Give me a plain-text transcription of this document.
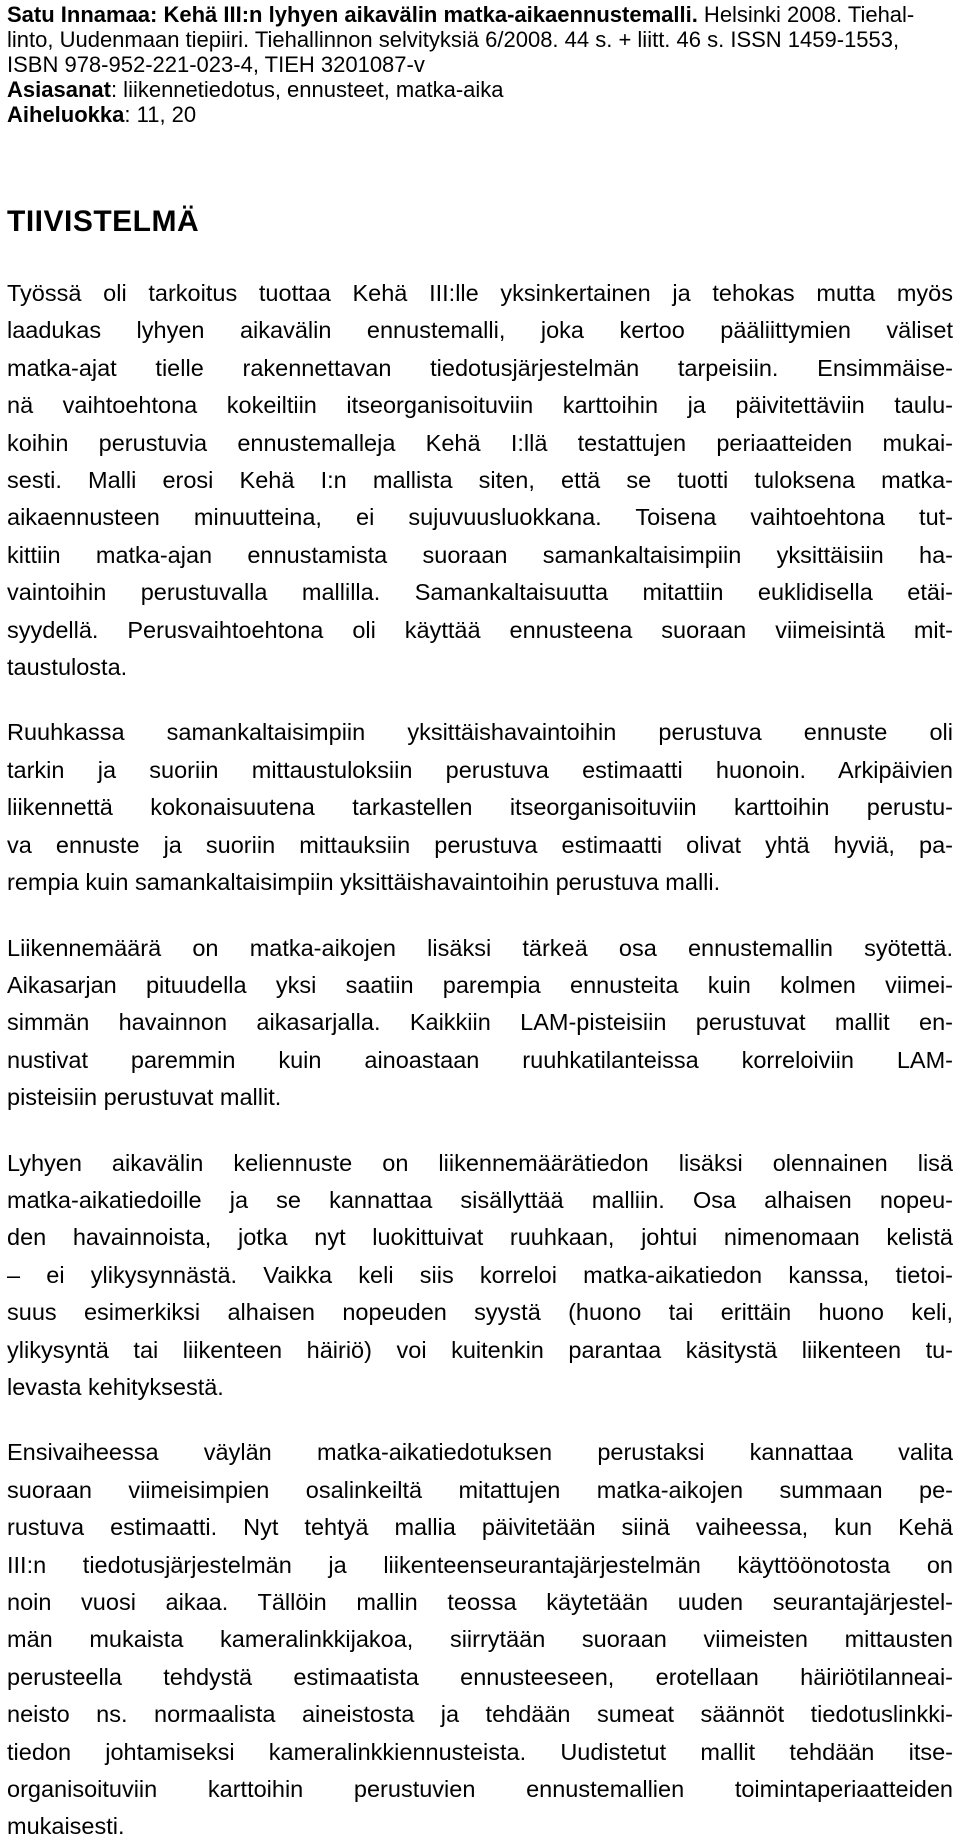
Satu Innamaa: Kehä III:n lyhyen aikavälin matka-aikaennustemalli. Helsinki 2008. Tiehal-
linto, Uudenmaan tiepiiri. Tiehallinnon selvityksiä 6/2008. 44 s. + liitt. 46 s. ISSN 1459-1553,
ISBN 978-952-221-023-4, TIEH 3201087-v
Asiasanat: liikennetiedotus, ennusteet, matka-aika
Aiheluokka: 11, 20
TIIVISTELMÄ
Työssä oli tarkoitus tuottaa Kehä III:lle yksinkertainen ja tehokas mutta myös
laadukas lyhyen aikavälin ennustemalli, joka kertoo pääliittymien väliset
matka-ajat tielle rakennettavan tiedotusjärjestelmän tarpeisiin. Ensimmäise-
nä vaihtoehtona kokeiltiin itseorganisoituviin karttoihin ja päivitettäviin taulu-
koihin perustuvia ennustemalleja Kehä I:llä testattujen periaatteiden mukai-
sesti. Malli erosi Kehä I:n mallista siten, että se tuotti tuloksena matka-
aikaennusteen minuutteina, ei sujuvuusluokkana. Toisena vaihtoehtona tut-
kittiin matka-ajan ennustamista suoraan samankaltaisimpiin yksittäisiin ha-
vaintoihin perustuvalla mallilla. Samankaltaisuutta mitattiin euklidisella etäi-
syydellä. Perusvaihtoehtona oli käyttää ennusteena suoraan viimeisintä mit-
taustulosta.
Ruuhkassa samankaltaisimpiin yksittäishavaintoihin perustuva ennuste oli
tarkin ja suoriin mittaustuloksiin perustuva estimaatti huonoin. Arkipäivien
liikennettä kokonaisuutena tarkastellen itseorganisoituviin karttoihin perustu-
va ennuste ja suoriin mittauksiin perustuva estimaatti olivat yhtä hyviä, pa-
rempia kuin samankaltaisimpiin yksittäishavaintoihin perustuva malli.
Liikennemäärä on matka-aikojen lisäksi tärkeä osa ennustemallin syötettä.
Aikasarjan pituudella yksi saatiin parempia ennusteita kuin kolmen viimei-
simmän havainnon aikasarjalla. Kaikkiin LAM-pisteisiin perustuvat mallit en-
nustivat paremmin kuin ainoastaan ruuhkatilanteissa korreloiviin LAM-
pisteisiin perustuvat mallit.
Lyhyen aikavälin keliennuste on liikennemäärätiedon lisäksi olennainen lisä
matka-aikatiedoille ja se kannattaa sisällyttää malliin. Osa alhaisen nopeu-
den havainnoista, jotka nyt luokittuivat ruuhkaan, johtui nimenomaan kelistä
– ei ylikysynnästä. Vaikka keli siis korreloi matka-aikatiedon kanssa, tietoi-
suus esimerkiksi alhaisen nopeuden syystä (huono tai erittäin huono keli,
ylikysyntä tai liikenteen häiriö) voi kuitenkin parantaa käsitystä liikenteen tu-
levasta kehityksestä.
Ensivaiheessa väylän matka-aikatiedotuksen perustaksi kannattaa valita
suoraan viimeisimpien osalinkeiltä mitattujen matka-aikojen summaan pe-
rustuva estimaatti. Nyt tehtyä mallia päivitetään siinä vaiheessa, kun Kehä
III:n tiedotusjärjestelmän ja liikenteenseurantajärjestelmän käyttöönotosta on
noin vuosi aikaa. Tällöin mallin teossa käytetään uuden seurantajärjestel-
män mukaista kameralinkkijakoa, siirrytään suoraan viimeisten mittausten
perusteella tehdystä estimaatista ennusteeseen, erotellaan häiriötilanneai-
neisto ns. normaalista aineistosta ja tehdään sumeat säännöt tiedotuslinkki-
tiedon johtamiseksi kameralinkkiennusteista. Uudistetut mallit tehdään itse-
organisoituviin karttoihin perustuvien ennustemallien toimintaperiaatteiden
mukaisesti.
